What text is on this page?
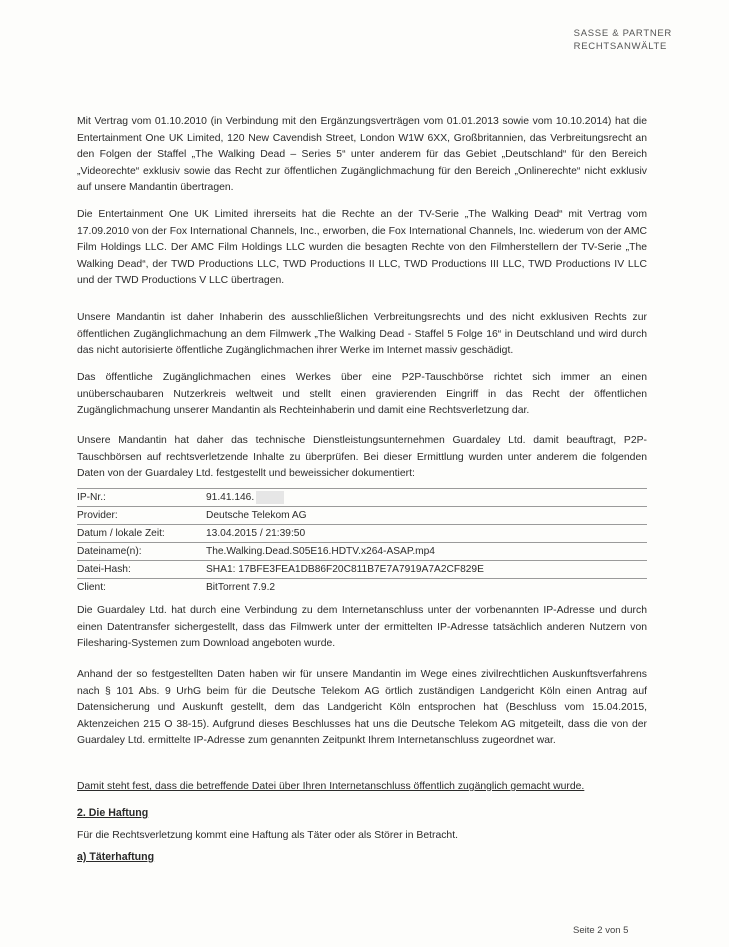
SASSE & PARTNER
RECHTSANWÄLTE

Mit Vertrag vom 01.10.2010 (in Verbindung mit den Ergänzungsverträgen vom 01.01.2013 sowie vom 10.10.2014) hat die Entertainment One UK Limited, 120 New Cavendish Street, London W1W 6XX, Großbritannien, das Verbreitungsrecht an den Folgen der Staffel „The Walking Dead – Series 5“ unter anderem für das Gebiet „Deutschland“ für den Bereich „Videorechte“ exklusiv sowie das Recht zur öffentlichen Zugänglichmachung für den Bereich „Onlinerechte“ nicht exklusiv auf unsere Mandantin übertragen.

Die Entertainment One UK Limited ihrerseits hat die Rechte an der TV-Serie „The Walking Dead“ mit Vertrag vom 17.09.2010 von der Fox International Channels, Inc., erworben, die Fox International Channels, Inc. wiederum von der AMC Film Holdings LLC. Der AMC Film Holdings LLC wurden die besagten Rechte von den Filmherstellern der TV-Serie „The Walking Dead“, der TWD Productions LLC, TWD Productions II LLC, TWD Productions III LLC, TWD Productions IV LLC und der TWD Productions V LLC übertragen.

Unsere Mandantin ist daher Inhaberin des ausschließlichen Verbreitungsrechts und des nicht exklusiven Rechts zur öffentlichen Zugänglichmachung an dem Filmwerk „The Walking Dead - Staffel 5 Folge 16“ in Deutschland und wird durch das nicht autorisierte öffentliche Zugänglichmachen ihrer Werke im Internet massiv geschädigt.

Das öffentliche Zugänglichmachen eines Werkes über eine P2P-Tauschbörse richtet sich immer an einen unüberschaubaren Nutzerkreis weltweit und stellt einen gravierenden Eingriff in das Recht der öffentlichen Zugänglichmachung unserer Mandantin als Rechteinhaberin und damit eine Rechtsverletzung dar.

Unsere Mandantin hat daher das technische Dienstleistungsunternehmen Guardaley Ltd. damit beauftragt, P2P-Tauschbörsen auf rechtsverletzende Inhalte zu überprüfen. Bei dieser Ermittlung wurden unter anderem die folgenden Daten von der Guardaley Ltd. festgestellt und beweissicher dokumentiert:

IP-Nr.:	91.41.146.
Provider:	Deutsche Telekom AG
Datum / lokale Zeit:	13.04.2015 / 21:39:50
Dateiname(n):	The.Walking.Dead.S05E16.HDTV.x264-ASAP.mp4
Datei-Hash:	SHA1: 17BFE3FEA1DB86F20C811B7E7A7919A7A2CF829E
Client:	BitTorrent 7.9.2

Die Guardaley Ltd. hat durch eine Verbindung zu dem Internetanschluss unter der vorbenannten IP-Adresse und durch einen Datentransfer sichergestellt, dass das Filmwerk unter der ermittelten IP-Adresse tatsächlich anderen Nutzern von Filesharing-Systemen zum Download angeboten wurde.

Anhand der so festgestellten Daten haben wir für unsere Mandantin im Wege eines zivilrechtlichen Auskunftsverfahrens nach § 101 Abs. 9 UrhG beim für die Deutsche Telekom AG örtlich zuständigen Landgericht Köln einen Antrag auf Datensicherung und Auskunft gestellt, dem das Landgericht Köln entsprochen hat (Beschluss vom 15.04.2015, Aktenzeichen 215 O 38-15). Aufgrund dieses Beschlusses hat uns die Deutsche Telekom AG mitgeteilt, dass die von der Guardaley Ltd. ermittelte IP-Adresse zum genannten Zeitpunkt Ihrem Internetanschluss zugeordnet war.

Damit steht fest, dass die betreffende Datei über Ihren Internetanschluss öffentlich zugänglich gemacht wurde.

2. Die Haftung

Für die Rechtsverletzung kommt eine Haftung als Täter oder als Störer in Betracht.

a) Täterhaftung
Seite 2 von 5
